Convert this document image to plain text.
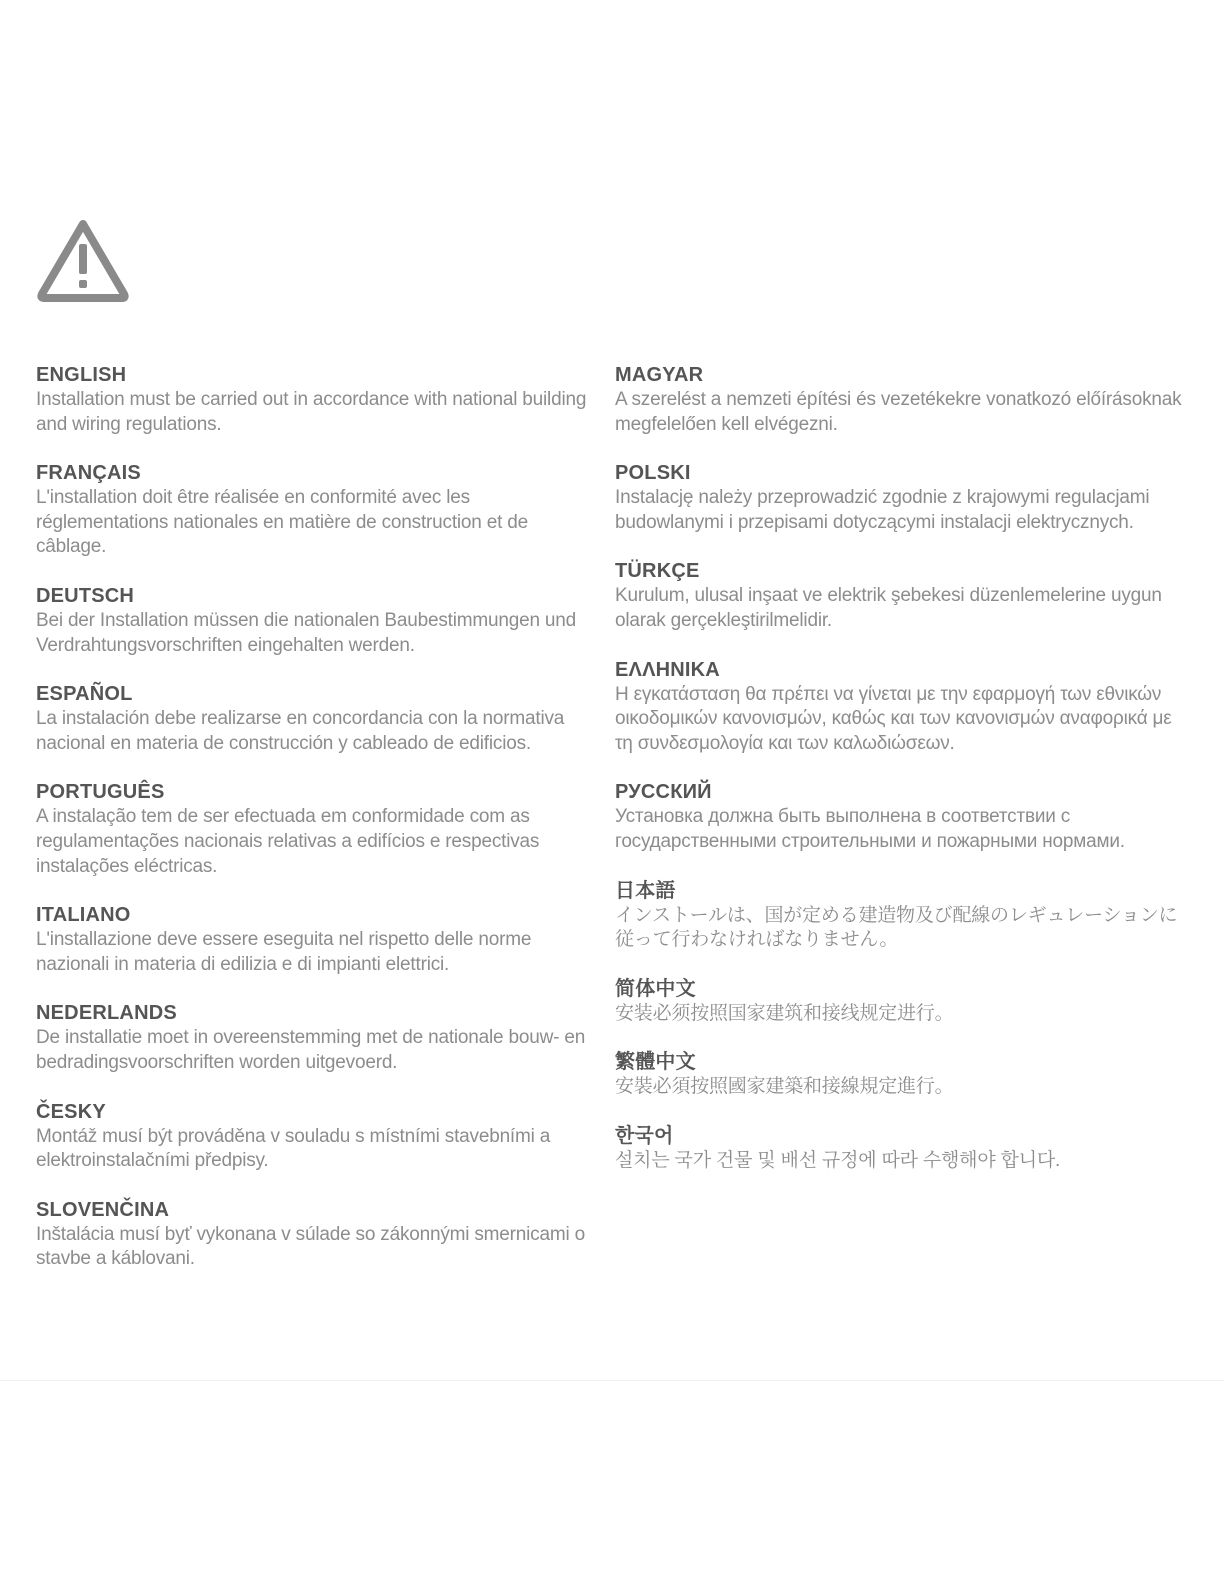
ENGLISH

Installation must be carried out in accordance with national building and wiring regulations.

FRANÇAIS

L'installation doit être réalisée en conformité avec les réglementations nationales en matière de construction et de câblage.

DEUTSCH

Bei der Installation müssen die nationalen Baubestimmungen und Verdrahtungsvorschriften eingehalten werden.

ESPAÑOL

La instalación debe realizarse en concordancia con la normativa nacional en materia de construcción y cableado de edificios.

PORTUGUÊS

A instalação tem de ser efectuada em conformidade com as regulamentações nacionais relativas a edifícios e respectivas instalações eléctricas.

ITALIANO

L'installazione deve essere eseguita nel rispetto delle norme nazionali in materia di edilizia e di impianti elettrici.

NEDERLANDS

De installatie moet in overeenstemming met de nationale bouw- en bedradingsvoorschriften worden uitgevoerd.

ČESKY

Montáž musí být prováděna v souladu s místními stavebními a elektroinstalačními předpisy.

SLOVENČINA

Inštalácia musí byť vykonana v súlade so zákonnými smernicami o stavbe a káblovani.

MAGYAR

A szerelést a nemzeti építési és vezetékekre vonatkozó előírásoknak megfelelően kell elvégezni.

POLSKI

Instalację należy przeprowadzić zgodnie z krajowymi regulacjami budowlanymi i przepisami dotyczącymi instalacji elektrycznych.

TÜRKÇE

Kurulum, ulusal inşaat ve elektrik şebekesi düzenlemelerine uygun olarak gerçekleştirilmelidir.

ΕΛΛΗΝΙΚΑ

Η εγκατάσταση θα πρέπει να γίνεται με την εφαρμογή των εθνικών οικοδομικών κανονισμών, καθώς και των κανονισμών αναφορικά με τη συνδεσμολογία και των καλωδιώσεων.

РУССКИЙ

Установка должна быть выполнена в соответствии с государственными строительными и пожарными нормами.

日本語

インストールは、国が定める建造物及び配線のレギュレーションに従って行わなければなりません。

简体中文

安装必须按照国家建筑和接线规定进行。

繁體中文

安裝必須按照國家建築和接線規定進行。

한국어

설치는 국가 건물 및 배선 규정에 따라 수행해야 합니다.
